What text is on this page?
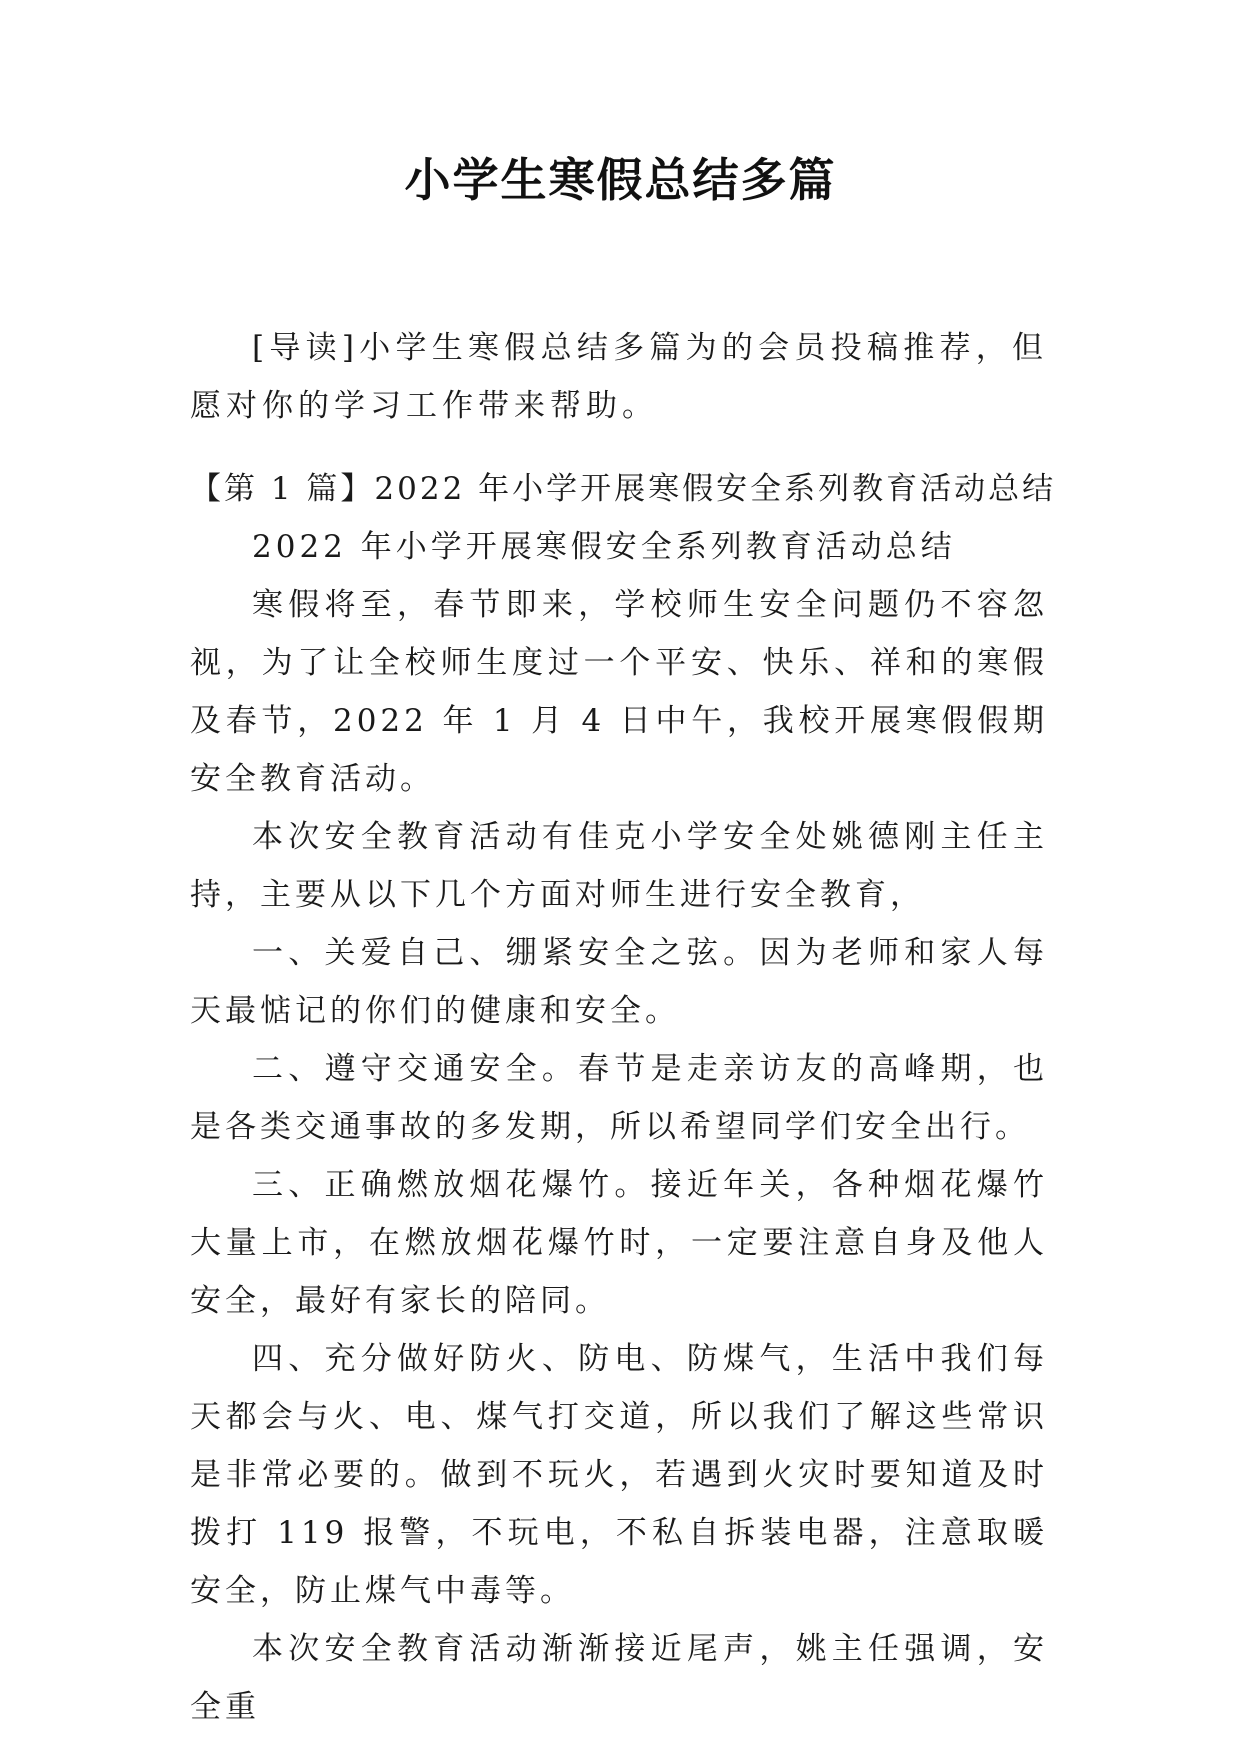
小学生寒假总结多篇

[导读]小学生寒假总结多篇为的会员投稿推荐，但愿对你的学习工作带来帮助。

【第 1 篇】2022 年小学开展寒假安全系列教育活动总结

2022 年小学开展寒假安全系列教育活动总结

寒假将至，春节即来，学校师生安全问题仍不容忽视，为了让全校师生度过一个平安、快乐、祥和的寒假及春节，2022 年 1 月 4 日中午，我校开展寒假假期安全教育活动。

本次安全教育活动有佳克小学安全处姚德刚主任主持，主要从以下几个方面对师生进行安全教育，

一、关爱自己、绷紧安全之弦。因为老师和家人每天最惦记的你们的健康和安全。

二、遵守交通安全。春节是走亲访友的高峰期，也是各类交通事故的多发期，所以希望同学们安全出行。

三、正确燃放烟花爆竹。接近年关，各种烟花爆竹大量上市，在燃放烟花爆竹时，一定要注意自身及他人安全，最好有家长的陪同。

四、充分做好防火、防电、防煤气，生活中我们每天都会与火、电、煤气打交道，所以我们了解这些常识是非常必要的。做到不玩火，若遇到火灾时要知道及时拨打 119 报警，不玩电，不私自拆装电器，注意取暖安全，防止煤气中毒等。

本次安全教育活动渐渐接近尾声，姚主任强调，安全重
